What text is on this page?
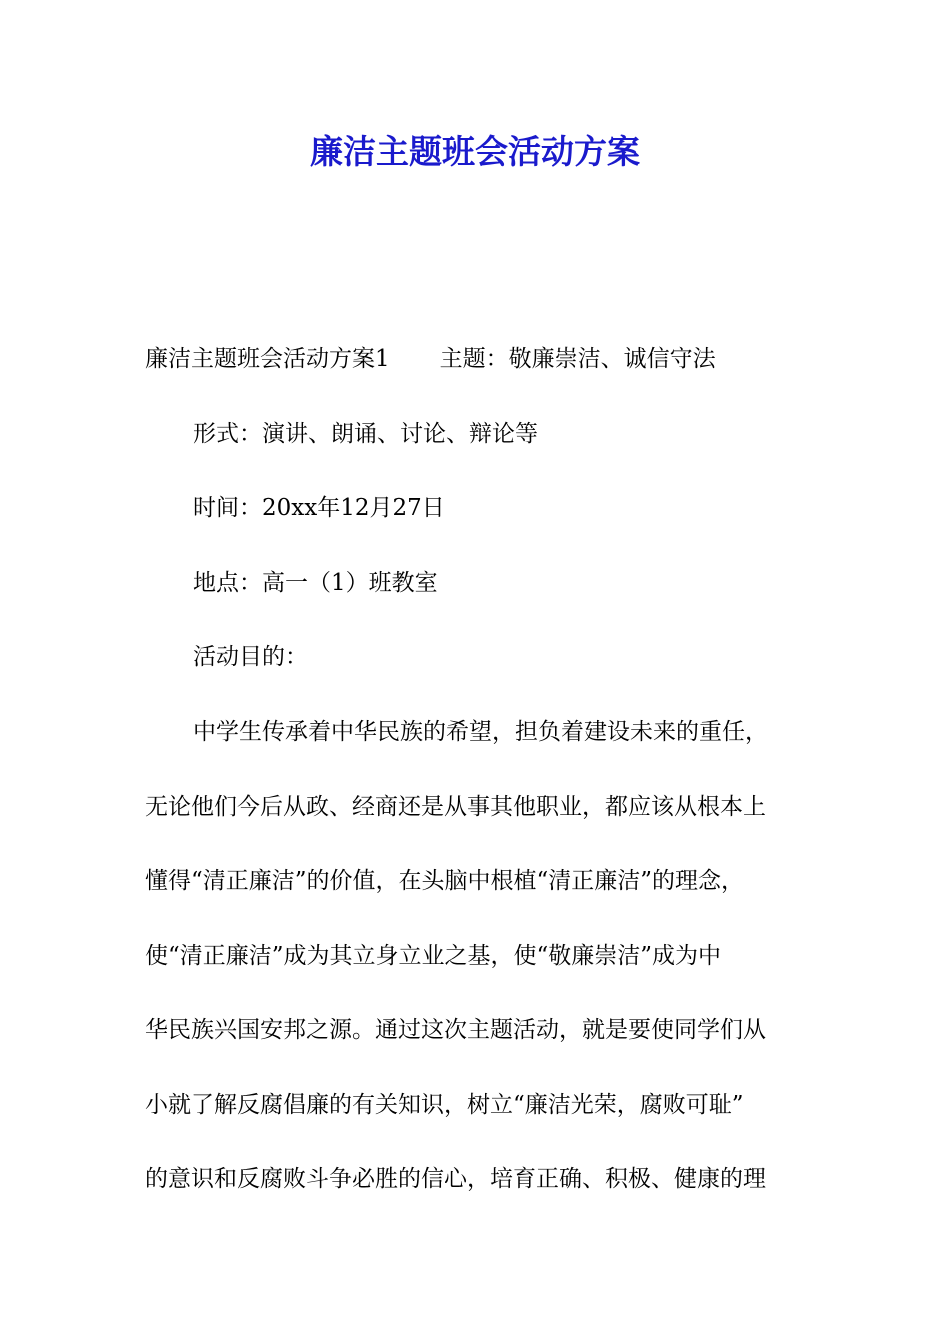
廉洁主题班会活动方案
廉洁主题班会活动方案1 主题：敬廉崇洁、诚信守法
形式：演讲、朗诵、讨论、辩论等
时间：20xx年12月27日
地点：高一（1）班教室
活动目的：
中学生传承着中华民族的希望，担负着建设未来的重任，
无论他们今后从政、经商还是从事其他职业，都应该从根本上
懂得“清正廉洁”的价值，在头脑中根植“清正廉洁”的理念，
使“清正廉洁”成为其立身立业之基，使“敬廉崇洁”成为中
华民族兴国安邦之源。通过这次主题活动，就是要使同学们从
小就了解反腐倡廉的有关知识，树立“廉洁光荣，腐败可耻”
的意识和反腐败斗争必胜的信心，培育正确、积极、健康的理
